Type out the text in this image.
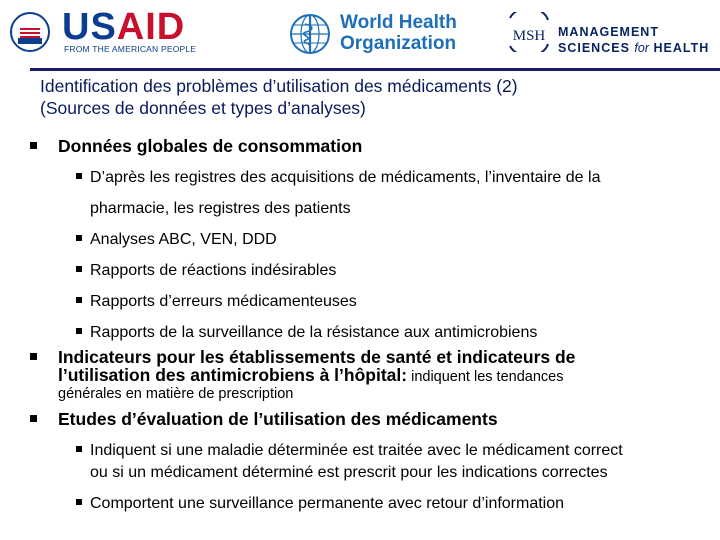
USAID
FROM THE AMERICAN PEOPLE
World Health
Organization	MSH MANAGEMENT
SCIENCES for HEALTH
Identification des problèmes d’utilisation des médicaments (2)
(Sources de données et types d’analyses)
Données globales de consommation
D’après les registres des acquisitions de médicaments, l’inventaire de la
pharmacie, les registres des patients
Analyses ABC, VEN, DDD
Rapports de réactions indésirables
Rapports d’erreurs médicamenteuses
Rapports de la surveillance de la résistance aux antimicrobiens
Indicateurs pour les établissements de santé et indicateurs de
l’utilisation des antimicrobiens à l’hôpital: indiquent les tendances
générales en matière de prescription
Etudes d’évaluation de l’utilisation des médicaments
Indiquent si une maladie déterminée est traitée avec le médicament correct
ou si un médicament déterminé est prescrit pour les indications correctes
Comportent une surveillance permanente avec retour d’information
